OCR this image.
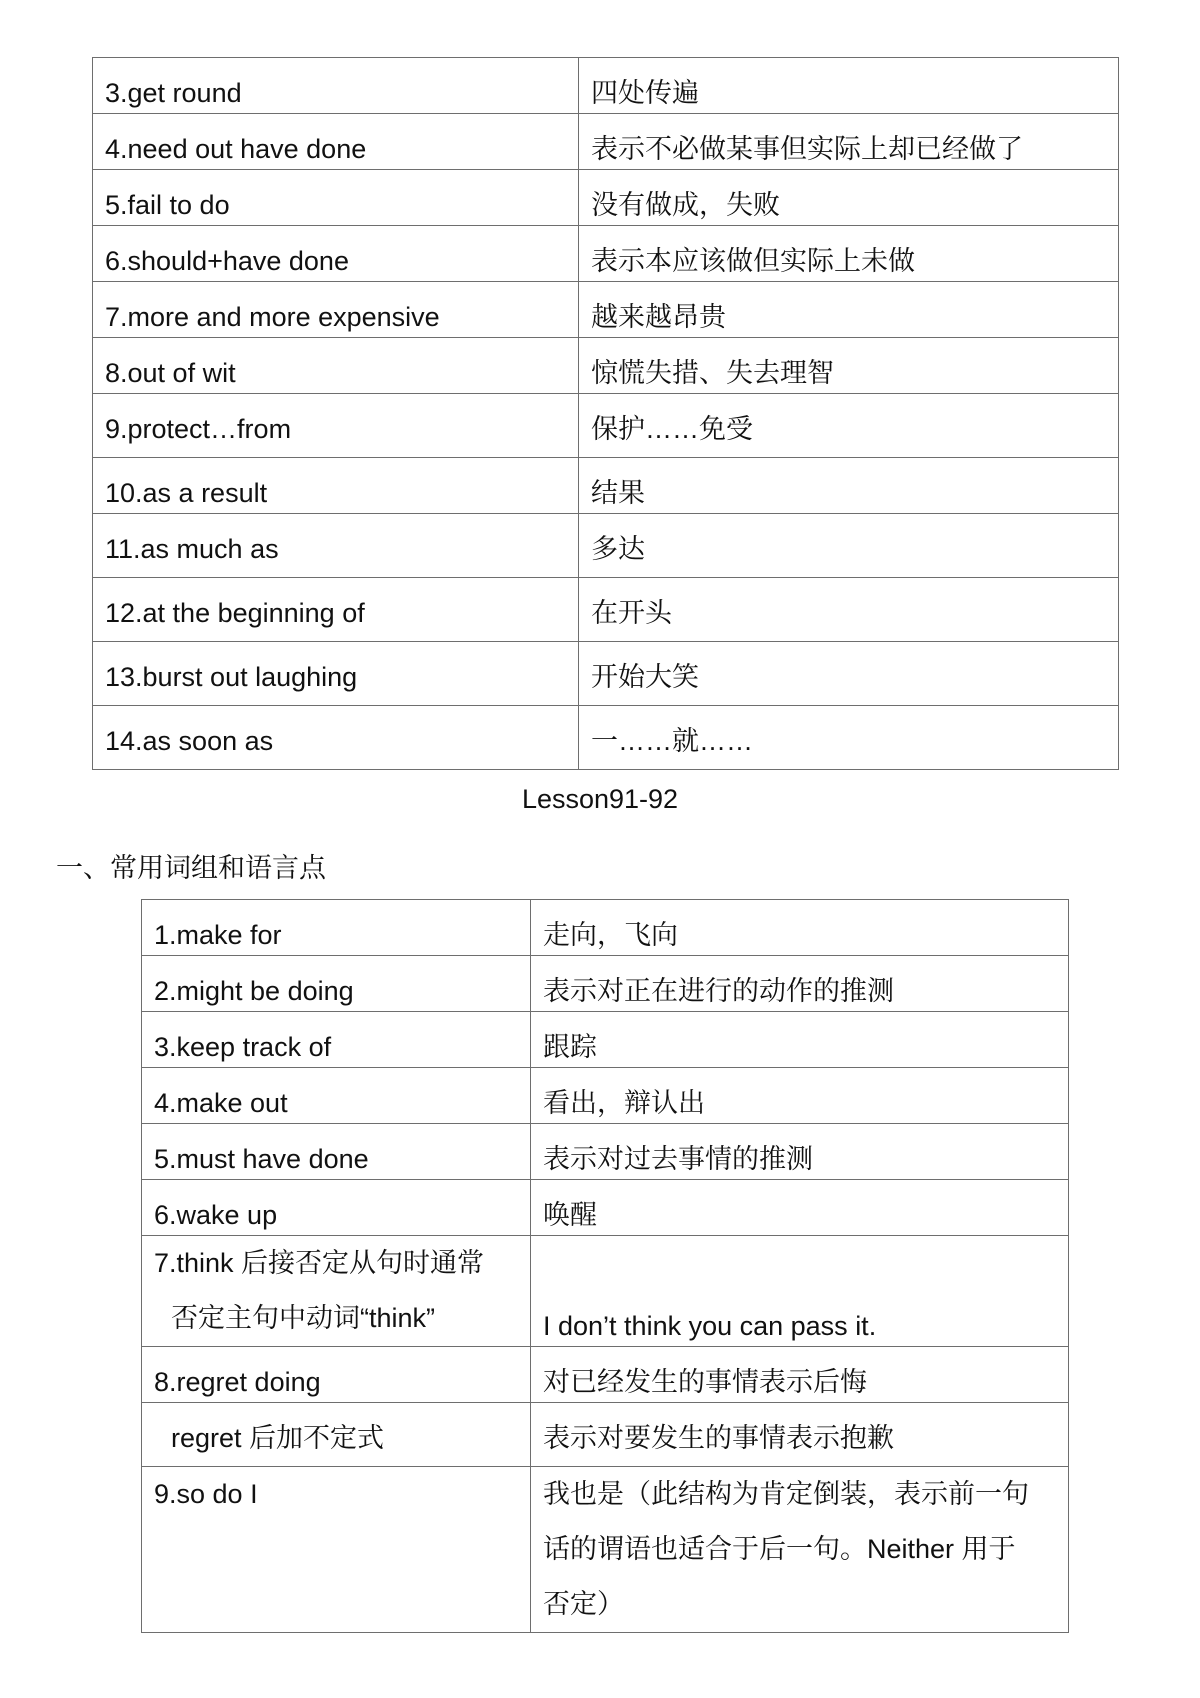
3.get round	四处传遍

4.need out have done	表示不必做某事但实际上却已经做了

5.fail to do	没有做成，失败

6.should+have done	表示本应该做但实际上未做

7.more and more expensive	越来越昂贵

8.out of wit	惊慌失措、失去理智

9.protect…from	保护……免受

10.as a result	结果

11.as much as	多达

12.at the beginning of	在开头

13.burst out laughing	开始大笑

14.as soon as	一……就……
Lesson91-92
一、常用词组和语言点
1.make for	走向，飞向

2.might be doing	表示对正在进行的动作的推测

3.keep track of	跟踪

4.make out	看出，辩认出

5.must have done	表示对过去事情的推测

6.wake up	唤醒

7.think 后接否定从句时通常
否定主句中动词“think”	I don’t think you can pass it.

8.regret doing	对已经发生的事情表示后悔

regret 后加不定式	表示对要发生的事情表示抱歉

9.so do I	我也是（此结构为肯定倒装，表示前一句
话的谓语也适合于后一句。Neither 用于
否定）
